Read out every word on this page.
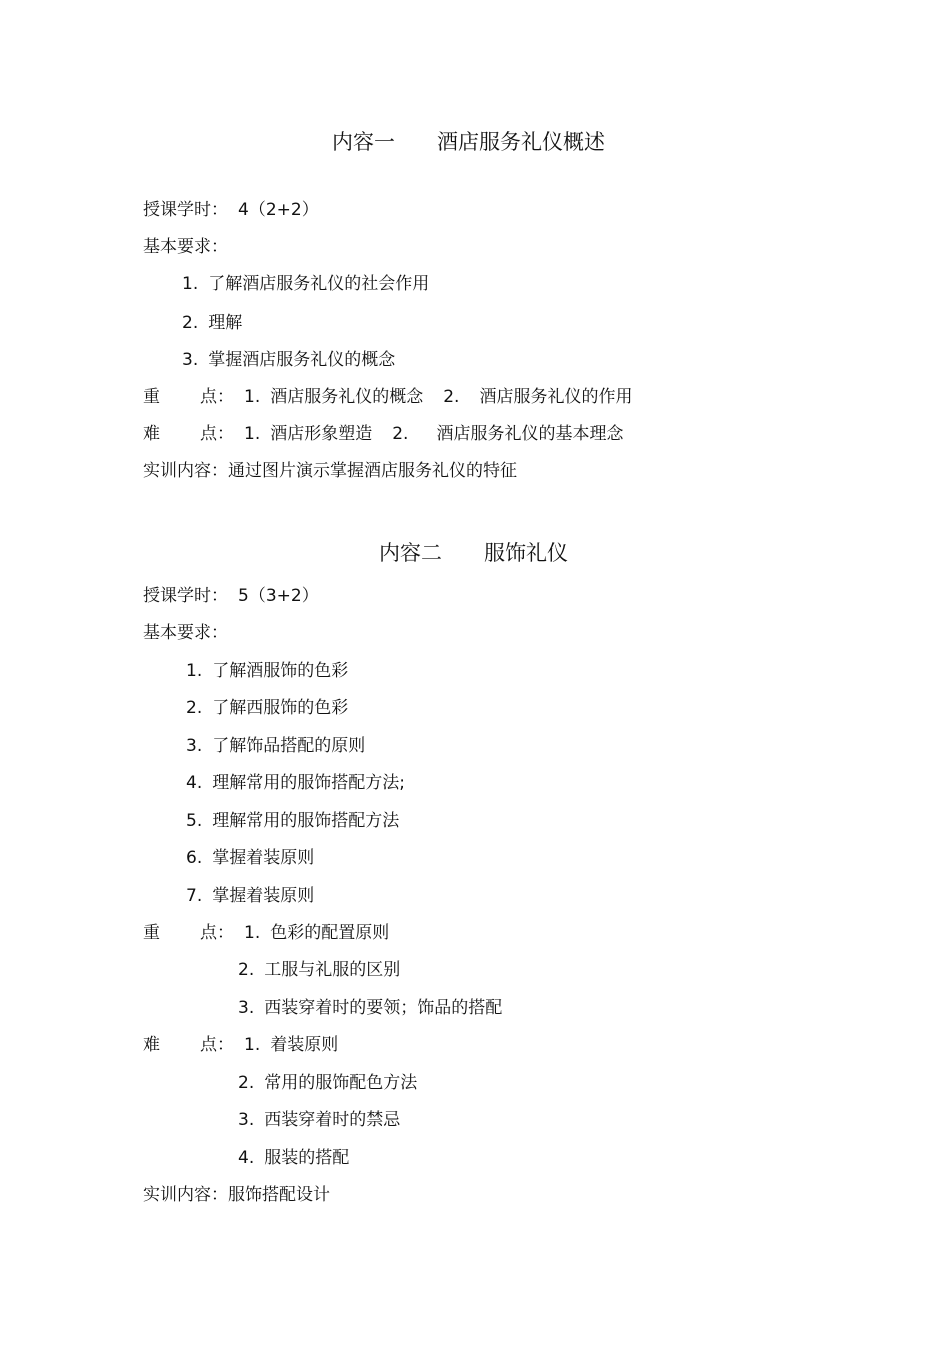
内容一 酒店服务礼仪概述
授课学时： 4（2+2）
基本要求：
1. 了解酒店服务礼仪的社会作用
2. 理解
3. 掌握酒店服务礼仪的概念
重 点： 1. 酒店服务礼仪的概念 2. 酒店服务礼仪的作用
难 点： 1. 酒店形象塑造 2. 酒店服务礼仪的基本理念
实训内容：通过图片演示掌握酒店服务礼仪的特征
内容二 服饰礼仪
授课学时： 5（3+2）
基本要求：
1. 了解酒服饰的色彩
2. 了解西服饰的色彩
3. 了解饰品搭配的原则
4. 理解常用的服饰搭配方法;
5. 理解常用的服饰搭配方法
6. 掌握着装原则
7. 掌握着装原则
重 点： 1. 色彩的配置原则
2. 工服与礼服的区别
3. 西装穿着时的要领；饰品的搭配
难 点： 1. 着装原则
2. 常用的服饰配色方法
3. 西装穿着时的禁忌
4. 服装的搭配
实训内容：服饰搭配设计
